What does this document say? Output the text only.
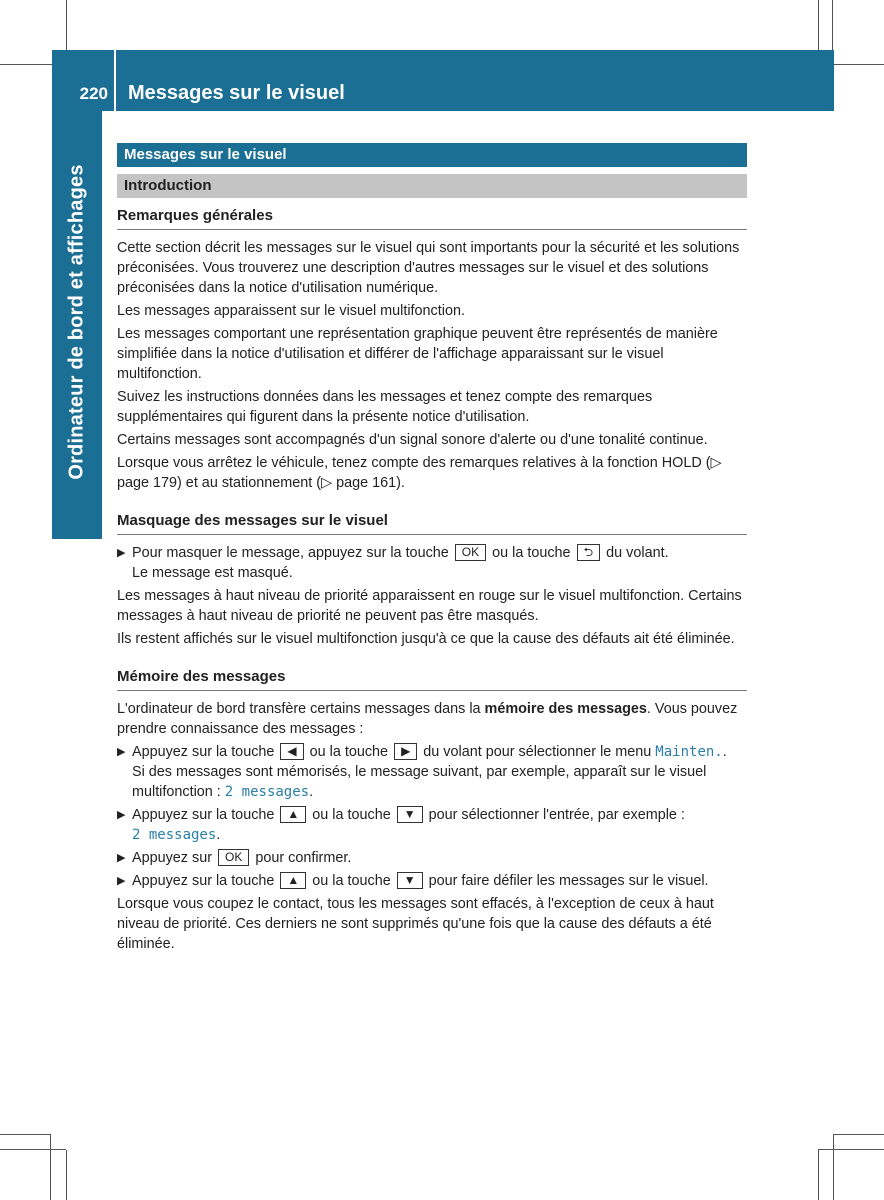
220 Messages sur le visuel
Ordinateur de bord et affichages
Messages sur le visuel
Introduction
Remarques générales

Cette section décrit les messages sur le visuel qui sont importants pour la sécurité et les solutions préconisées. Vous trouverez une description d'autres messages sur le visuel et des solutions préconisées dans la notice d'utilisation numérique.

Les messages apparaissent sur le visuel multifonction.

Les messages comportant une représentation graphique peuvent être représentés de manière simplifiée dans la notice d'utilisation et différer de l'affichage apparaissant sur le visuel multifonction.

Suivez les instructions données dans les messages et tenez compte des remarques supplémentaires qui figurent dans la présente notice d'utilisation.

Certains messages sont accompagnés d'un signal sonore d'alerte ou d'une tonalité continue.

Lorsque vous arrêtez le véhicule, tenez compte des remarques relatives à la fonction HOLD (▷ page 179) et au stationnement (▷ page 161).

Masquage des messages sur le visuel
▶ Pour masquer le message, appuyez sur la touche OK ou la touche ⮌ du volant.
Le message est masqué.

Les messages à haut niveau de priorité apparaissent en rouge sur le visuel multifonction. Certains messages à haut niveau de priorité ne peuvent pas être masqués.

Ils restent affichés sur le visuel multifonction jusqu'à ce que la cause des défauts ait été éliminée.

Mémoire des messages

L'ordinateur de bord transfère certains messages dans la mémoire des messages. Vous pouvez prendre connaissance des messages :

▶ Appuyez sur la touche ◀ ou la touche ▶ du volant pour sélectionner le menu Mainten..
Si des messages sont mémorisés, le message suivant, par exemple, apparaît sur le visuel multifonction : 2 messages.
▶ Appuyez sur la touche ▲ ou la touche ▼ pour sélectionner l'entrée, par exemple :
2 messages.
▶ Appuyez sur OK pour confirmer.
▶ Appuyez sur la touche ▲ ou la touche ▼ pour faire défiler les messages sur le visuel.

Lorsque vous coupez le contact, tous les messages sont effacés, à l'exception de ceux à haut niveau de priorité. Ces derniers ne sont supprimés qu'une fois que la cause des défauts a été éliminée.
